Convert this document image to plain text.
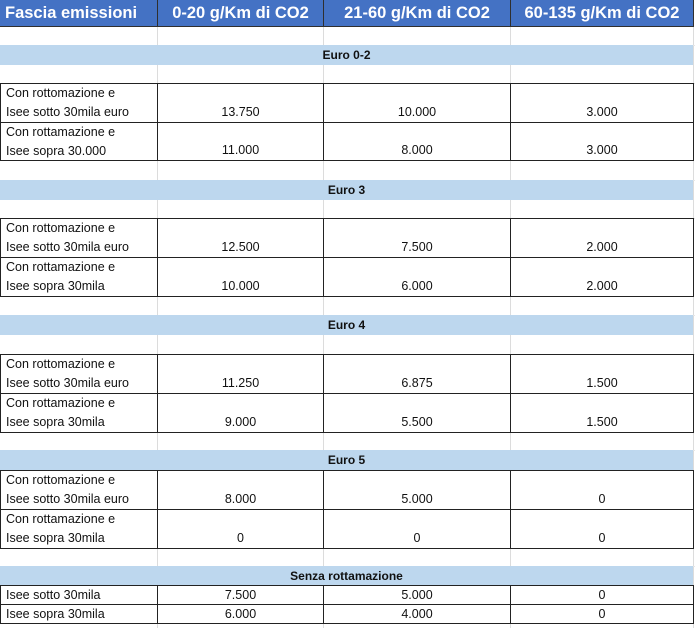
Fascia emissioni	0-20 g/Km di CO2	21-60 g/Km di CO2	60-135 g/Km di CO2
Euro 0-2
Con rottomazione e
Isee sotto 30mila euro	13.750	10.000	3.000
Con rottamazione e
Isee sopra 30.000	11.000	8.000	3.000
Euro 3
Con rottomazione e
Isee sotto 30mila euro	12.500	7.500	2.000
Con rottamazione e
Isee sopra 30mila	10.000	6.000	2.000
Euro 4
Con rottomazione e
Isee sotto 30mila euro	11.250	6.875	1.500
Con rottamazione e
Isee sopra 30mila	9.000	5.500	1.500
Euro 5
Con rottomazione e
Isee sotto 30mila euro	8.000	5.000	0
Con rottamazione e
Isee sopra 30mila	0	0	0
Senza rottamazione
Isee sotto 30mila	7.500	5.000	0
Isee sopra 30mila	6.000	4.000	0
